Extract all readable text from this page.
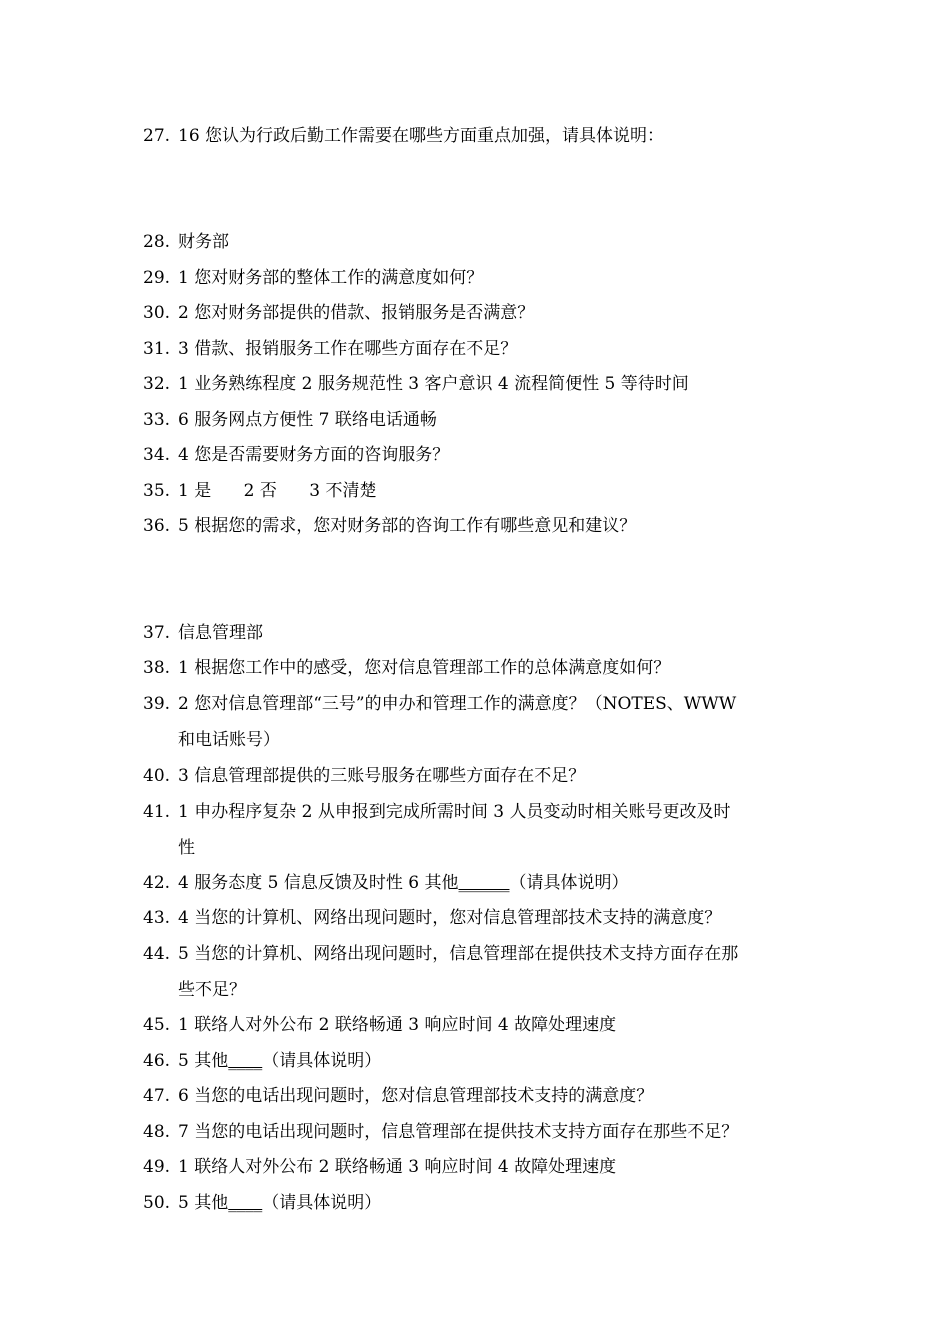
27. 16 您认为行政后勤工作需要在哪些方面重点加强，请具体说明：
28. 财务部
29. 1 您对财务部的整体工作的满意度如何？
30. 2 您对财务部提供的借款、报销服务是否满意？
31. 3 借款、报销服务工作在哪些方面存在不足？
32. 1 业务熟练程度 2 服务规范性 3 客户意识 4 流程简便性 5 等待时间
33. 6 服务网点方便性 7 联络电话通畅
34. 4 您是否需要财务方面的咨询服务？
35. 1 是      2 否      3 不清楚
36. 5 根据您的需求，您对财务部的咨询工作有哪些意见和建议？
37. 信息管理部
38. 1 根据您工作中的感受，您对信息管理部工作的总体满意度如何？
39. 2 您对信息管理部“三号”的申办和管理工作的满意度？（NOTES、WWW
和电话账号）
40. 3 信息管理部提供的三账号服务在哪些方面存在不足？
41. 1 申办程序复杂 2 从申报到完成所需时间 3 人员变动时相关账号更改及时
性
42. 4 服务态度 5 信息反馈及时性 6 其他______（请具体说明）
43. 4 当您的计算机、网络出现问题时，您对信息管理部技术支持的满意度？
44. 5 当您的计算机、网络出现问题时，信息管理部在提供技术支持方面存在那
些不足？
45. 1 联络人对外公布 2 联络畅通 3 响应时间 4 故障处理速度
46. 5 其他____（请具体说明）
47. 6 当您的电话出现问题时，您对信息管理部技术支持的满意度？
48. 7 当您的电话出现问题时，信息管理部在提供技术支持方面存在那些不足？
49. 1 联络人对外公布 2 联络畅通 3 响应时间 4 故障处理速度
50. 5 其他____（请具体说明）
